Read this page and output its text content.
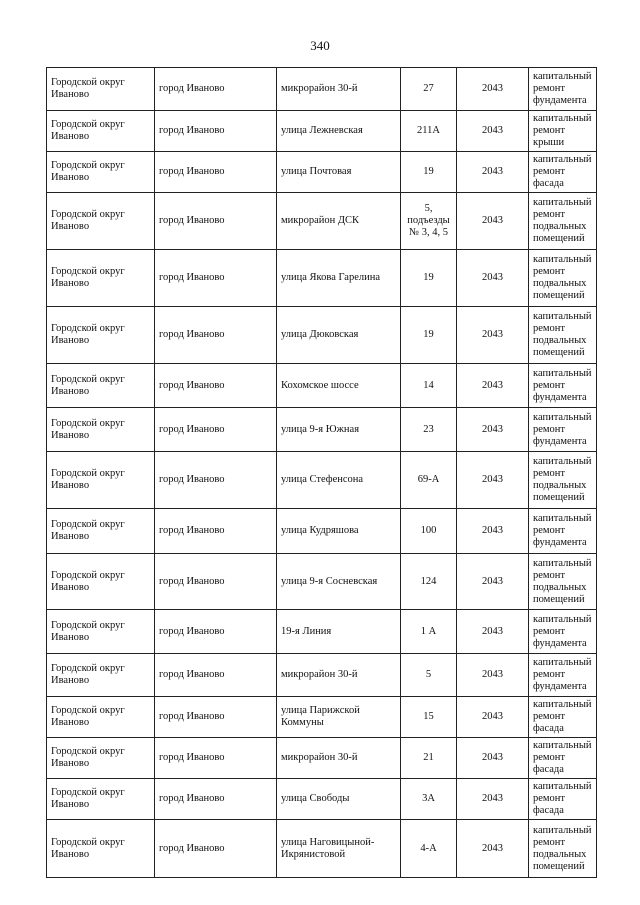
340
Городской округ Иваново	город Иваново	микрорайон 30-й	27	2043	капитальный ремонт фундамента
Городской округ Иваново	город Иваново	улица Лежневская	211А	2043	капитальный ремонт крыши
Городской округ Иваново	город Иваново	улица Почтовая	19	2043	капитальный ремонт фасада
Городской округ Иваново	город Иваново	микрорайон ДСК	5, подъезды № 3, 4, 5	2043	капитальный ремонт подвальных помещений
Городской округ Иваново	город Иваново	улица Якова Гарелина	19	2043	капитальный ремонт подвальных помещений
Городской округ Иваново	город Иваново	улица Дюковская	19	2043	капитальный ремонт подвальных помещений
Городской округ Иваново	город Иваново	Кохомское шоссе	14	2043	капитальный ремонт фундамента
Городской округ Иваново	город Иваново	улица 9-я Южная	23	2043	капитальный ремонт фундамента
Городской округ Иваново	город Иваново	улица Стефенсона	69-А	2043	капитальный ремонт подвальных помещений
Городской округ Иваново	город Иваново	улица Кудряшова	100	2043	капитальный ремонт фундамента
Городской округ Иваново	город Иваново	улица 9-я Сосневская	124	2043	капитальный ремонт подвальных помещений
Городской округ Иваново	город Иваново	19-я Линия	1 А	2043	капитальный ремонт фундамента
Городской округ Иваново	город Иваново	микрорайон 30-й	5	2043	капитальный ремонт фундамента
Городской округ Иваново	город Иваново	улица Парижской Коммуны	15	2043	капитальный ремонт фасада
Городской округ Иваново	город Иваново	микрорайон 30-й	21	2043	капитальный ремонт фасада
Городской округ Иваново	город Иваново	улица Свободы	3А	2043	капитальный ремонт фасада
Городской округ Иваново	город Иваново	улица Наговицыной-Икрянистовой	4-А	2043	капитальный ремонт подвальных помещений
